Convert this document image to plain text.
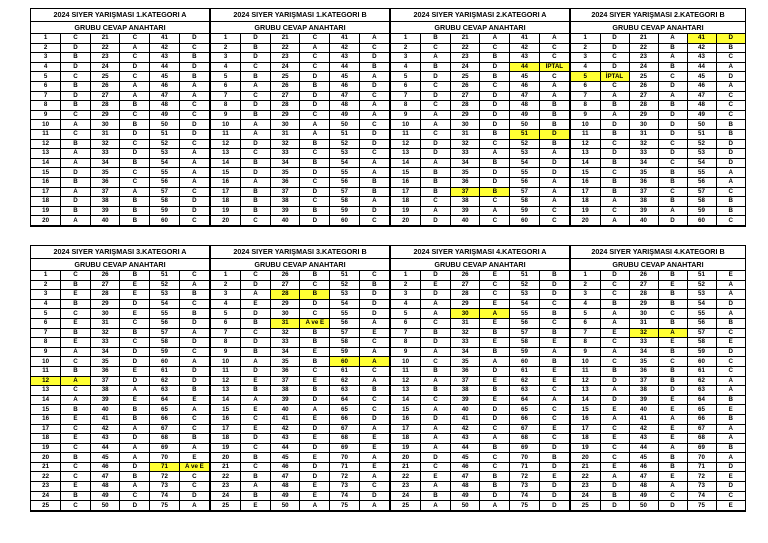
2024 SIYER YARIŞMASI 1.KATEGORI A
GRUBU CEVAP ANAHTARI
1	C	21	C	41	D
2	D	22	A	42	C
3	B	23	C	43	B
4	D	24	D	44	D
5	C	25	C	45	B
6	B	26	A	46	A
7	D	27	A	47	A
8	B	28	B	48	C
9	C	29	C	49	C
10	A	30	B	50	D
11	C	31	D	51	D
12	B	32	C	52	C
13	A	33	D	53	A
14	A	34	B	54	A
15	D	35	C	55	A
16	B	36	C	56	A
17	A	37	A	57	C
18	D	38	B	58	D
19	B	39	B	59	D
20	A	40	B	60	C
2024 SIYER YARIŞMASI 1.KATEGORI B
GRUBU CEVAP ANAHTARI
1	D	21	C	41	A
2	B	22	A	42	C
3	D	23	C	43	D
4	C	24	C	44	B
5	B	25	D	45	A
6	A	26	B	46	D
7	C	27	D	47	C
8	D	28	D	48	A
9	B	29	C	49	A
10	A	30	A	50	C
11	A	31	A	51	D
12	D	32	B	52	D
13	C	33	C	53	C
14	B	34	B	54	A
15	D	35	D	55	A
16	A	36	C	56	B
17	B	37	D	57	B
18	B	38	C	58	A
19	B	39	B	59	D
20	C	40	D	60	C
2024 SIYER YARIŞMASI 2.KATEGORI A
GRUBU CEVAP ANAHTARI
1	B	21	A	41	A
2	C	22	C	42	C
3	A	23	B	43	C
4	B	24	D	44	İPTAL
5	D	25	B	45	C
6	C	26	C	46	A
7	D	27	D	47	A
8	C	28	D	48	B
9	A	29	D	49	B
10	A	30	D	50	B
11	C	31	B	51	D
12	D	32	C	52	B
13	D	33	A	53	A
14	A	34	B	54	D
15	B	35	D	55	D
16	B	36	D	56	A
17	B	37	B	57	A
18	C	38	C	58	A
19	A	39	A	59	C
20	D	40	C	60	C
2024 SIYER YARIŞMASI 2.KATEGORI B
GRUBU CEVAP ANAHTARI
1	D	21	A	41	D
2	D	22	B	42	B
3	C	23	A	43	C
4	D	24	B	44	A
5	İPTAL	25	C	45	D
6	C	26	D	46	A
7	A	27	A	47	C
8	B	28	B	48	C
9	A	29	D	49	C
10	D	30	D	50	B
11	B	31	D	51	B
12	C	32	C	52	D
13	D	33	D	53	D
14	B	34	C	54	D
15	C	35	B	55	A
16	B	36	B	56	A
17	B	37	C	57	C
18	A	38	B	58	B
19	C	39	A	59	B
20	A	40	D	60	C
2024 SIYER YARIŞMASI 3.KATEGORI A
GRUBU CEVAP ANAHTARI
1	C	26	B	51	C
2	B	27	E	52	A
3	E	28	E	53	B
4	B	29	D	54	C
5	C	30	E	55	B
6	E	31	C	56	D
7	B	32	B	57	A
8	E	33	C	58	D
9	A	34	D	59	C
10	C	35	D	60	A
11	B	36	E	61	D
12	A	37	D	62	D
13	C	38	A	63	B
14	A	39	E	64	E
15	B	40	B	65	A
16	E	41	B	66	C
17	C	42	A	67	C
18	E	43	D	68	B
19	C	44	A	69	A
20	B	45	A	70	E
21	C	46	D	71	A ve E
22	C	47	B	72	C
23	E	48	A	73	C
24	B	49	C	74	D
25	C	50	D	75	A
2024 SIYER YARIŞMASI 3.KATEGORI B
GRUBU CEVAP ANAHTARI
1	C	26	B	51	C
2	D	27	C	52	B
3	A	28	B	53	D
4	E	29	D	54	D
5	D	30	C	55	D
6	B	31	A ve E	56	A
7	C	32	B	57	E
8	D	33	B	58	C
9	B	34	E	59	A
10	A	35	B	60	A
11	D	36	C	61	C
12	E	37	E	62	A
13	B	38	B	63	B
14	A	39	D	64	C
15	E	40	A	65	C
16	C	41	E	66	D
17	E	42	D	67	A
18	D	43	E	68	E
19	C	44	D	69	E
20	B	45	E	70	A
21	C	46	D	71	E
22	B	47	D	72	A
23	A	48	E	73	C
24	B	49	E	74	D
25	E	50	A	75	A
2024 SIYER YARIŞMASI 4.KATEGORI A
GRUBU CEVAP ANAHTARI
1	D	26	E	51	B
2	E	27	C	52	D
3	D	28	C	53	D
4	A	29	E	54	C
5	A	30	A	55	B
6	C	31	E	56	C
7	B	32	B	57	B
8	D	33	E	58	E
9	A	34	B	59	A
10	C	35	A	60	B
11	B	36	D	61	E
12	A	37	E	62	E
13	B	38	B	63	C
14	C	39	E	64	A
15	A	40	D	65	C
16	D	41	D	66	C
17	A	42	C	67	E
18	A	43	A	68	C
19	A	44	B	69	D
20	D	45	C	70	B
21	C	46	C	71	D
22	E	47	B	72	E
23	A	48	B	73	D
24	B	49	D	74	D
25	A	50	A	75	D
2024 SIYER YARIŞMASI 4.KATEGORI B
GRUBU CEVAP ANAHTARI
1	D	26	B	51	E
2	C	27	E	52	A
3	C	28	B	53	A
4	B	29	B	54	D
5	A	30	C	55	A
6	A	31	B	56	B
7	E	32	A	57	C
8	C	33	E	58	E
9	A	34	B	59	D
10	C	35	C	60	C
11	B	36	B	61	C
12	D	37	B	62	A
13	A	38	D	63	A
14	D	39	E	64	B
15	E	40	E	65	E
16	A	41	A	66	B
17	C	42	E	67	A
18	E	43	E	68	A
19	C	44	A	69	B
20	C	45	B	70	A
21	E	46	B	71	D
22	A	47	E	72	E
23	D	48	A	73	D
24	B	49	C	74	C
25	D	50	D	75	E
